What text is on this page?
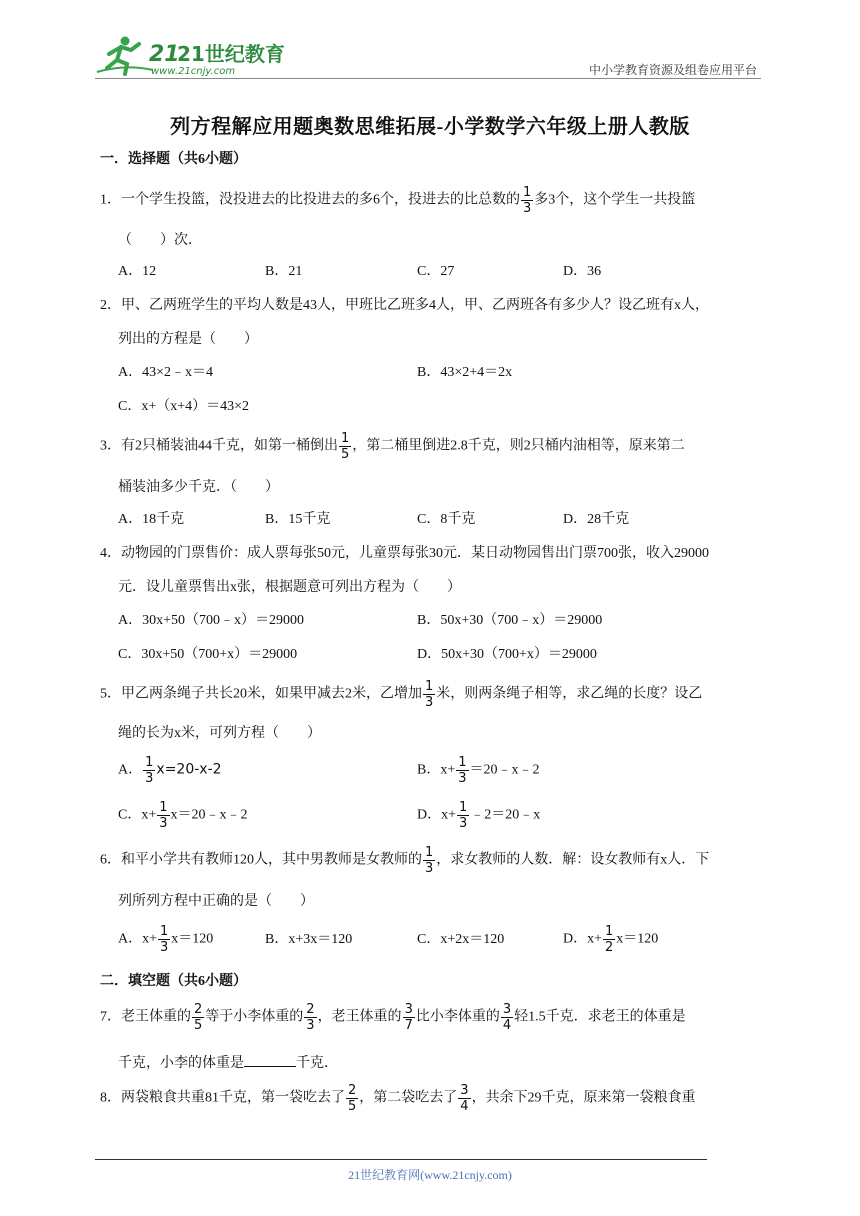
21
21世纪教育
www.21cnjy.com	中小学教育资源及组卷应用平台
列方程解应用题奥数思维拓展-小学数学六年级上册人教版
一．选择题（共6小题）
1．一个学生投篮，没投进去的比投进去的多6个，投进去的比总数的 $\frac{1}{3}$ 多3个，这个学生一共投篮
（　　）次．
A．12	B．21	C．27	D．36
2．甲、乙两班学生的平均人数是43人，甲班比乙班多4人，甲、乙两班各有多少人？设乙班有x人，
列出的方程是（　　）
A．43×2﹣x＝4	B．43×2+4＝2x
C．x+（x+4）＝43×2
3．有2只桶装油44千克，如第一桶倒出 $\frac{1}{5}$ ，第二桶里倒进2.8千克，则2只桶内油相等，原来第二
桶装油多少千克．（　　）
A．18千克	B．15千克	C．8千克	D．28千克
4．动物园的门票售价：成人票每张50元，儿童票每张30元．某日动物园售出门票700张，收入29000
元．设儿童票售出x张，根据题意可列出方程为（　　）
A．30x+50（700﹣x）＝29000	B．50x+30（700﹣x）＝29000
C．30x+50（700+x）＝29000	D．50x+30（700+x）＝29000
5．甲乙两条绳子共长20米，如果甲减去2米，乙增加 $\frac{1}{3}$ 米，则两条绳子相等，求乙绳的长度？设乙
绳的长为x米，可列方程（　　）
A． $\frac{1}{3} x=20-x-2$	B．$x+ \frac{1}{3}$ ＝20﹣x﹣2
C．$x+ \frac{1}{3}$ x＝20﹣x﹣2	D．$x+ \frac{1}{3}$ ﹣2＝20﹣x
6．和平小学共有教师120人，其中男教师是女教师的 $\frac{1}{3}$ ，求女教师的人数．解：设女教师有x人．下
列所列方程中正确的是（　　）
A．$x+ \frac{1}{3} x=120$	B．x+3x＝120	C．x+2x＝120	D．$x+ \frac{1}{2} x=120$
二．填空题（共6小题）
7．老王体重的 $\frac{2}{5}$ 等于小李体重的 $\frac{2}{3}$ ，老王体重的 $\frac{3}{7}$ 比小李体重的 $\frac{3}{4}$ 轻1.5千克．求老王的体重是
千克，小李的体重是	千克．
8．两袋粮食共重81千克，第一袋吃去了 $\frac{2}{5}$ ，第二袋吃去了 $\frac{3}{4}$ ，共余下29千克，原来第一袋粮食重
21世纪教育网(www.21cnjy.com)
